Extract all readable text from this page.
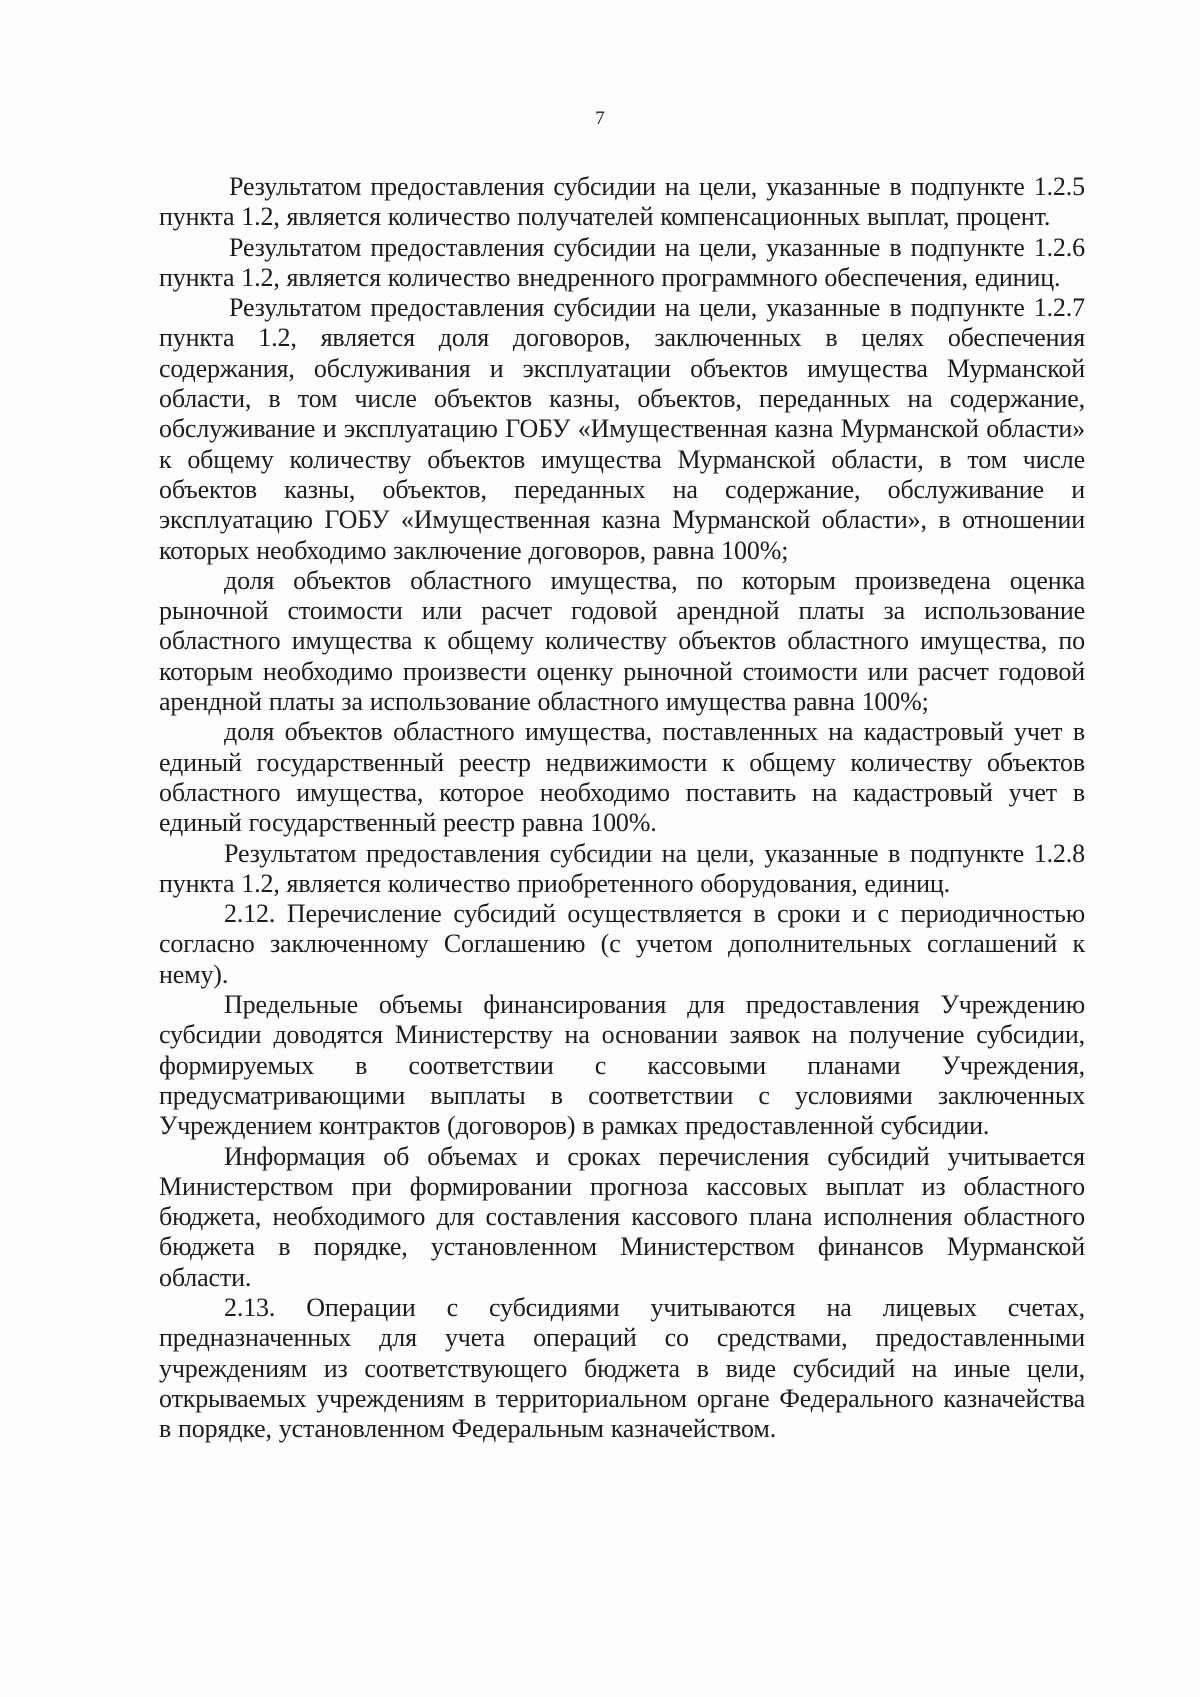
7

Результатом предоставления субсидии на цели, указанные в подпункте 1.2.5 пункта 1.2, является количество получателей компенсационных выплат, процент.

Результатом предоставления субсидии на цели, указанные в подпункте 1.2.6 пункта 1.2, является количество внедренного программного обеспечения, единиц.

Результатом предоставления субсидии на цели, указанные в подпункте 1.2.7 пункта 1.2, является доля договоров, заключенных в целях обеспечения содержания, обслуживания и эксплуатации объектов имущества Мурманской области, в том числе объектов казны, объектов, переданных на содержание, обслуживание и эксплуатацию ГОБУ «Имущественная казна Мурманской области» к общему количеству объектов имущества Мурманской области, в том числе объектов казны, объектов, переданных на содержание, обслуживание и эксплуатацию ГОБУ «Имущественная казна Мурманской области», в отношении которых необходимо заключение договоров, равна 100%;

доля объектов областного имущества, по которым произведена оценка рыночной стоимости или расчет годовой арендной платы за использование областного имущества к общему количеству объектов областного имущества, по которым необходимо произвести оценку рыночной стоимости или расчет годовой арендной платы за использование областного имущества равна 100%;

доля объектов областного имущества, поставленных на кадастровый учет в единый государственный реестр недвижимости к общему количеству объектов областного имущества, которое необходимо поставить на кадастровый учет в единый государственный реестр равна 100%.

Результатом предоставления субсидии на цели, указанные в подпункте 1.2.8 пункта 1.2, является количество приобретенного оборудования, единиц.

2.12. Перечисление субсидий осуществляется в сроки и с периодичностью согласно заключенному Соглашению (с учетом дополнительных соглашений к нему).

Предельные объемы финансирования для предоставления Учреждению субсидии доводятся Министерству на основании заявок на получение субсидии, формируемых в соответствии с кассовыми планами Учреждения, предусматривающими выплаты в соответствии с условиями заключенных Учреждением контрактов (договоров) в рамках предоставленной субсидии.

Информация об объемах и сроках перечисления субсидий учитывается Министерством при формировании прогноза кассовых выплат из областного бюджета, необходимого для составления кассового плана исполнения областного бюджета в порядке, установленном Министерством финансов Мурманской области.

2.13. Операции с субсидиями учитываются на лицевых счетах, предназначенных для учета операций со средствами, предоставленными учреждениям из соответствующего бюджета в виде субсидий на иные цели, открываемых учреждениям в территориальном органе Федерального казначейства в порядке, установленном Федеральным казначейством.
